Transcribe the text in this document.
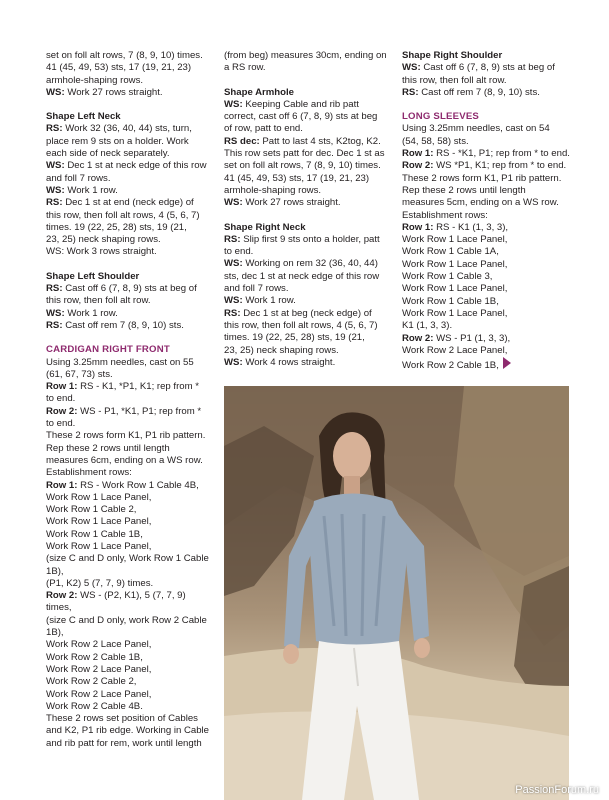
set on foll alt rows, 7 (8, 9, 10) times.

41 (45, 49, 53) sts, 17 (19, 21, 23)

armhole-shaping rows.

WS: Work 27 rows straight.

Shape Left Neck

RS: Work 32 (36, 40, 44) sts, turn,

place rem 9 sts on a holder. Work

each side of neck separately.

WS: Dec 1 st at neck edge of this row

and foll 7 rows.

WS: Work 1 row.

RS: Dec 1 st at end (neck edge) of

this row, then foll alt rows, 4 (5, 6, 7)

times. 19 (22, 25, 28) sts, 19 (21,

23, 25) neck shaping rows.

WS: Work 3 rows straight.

Shape Left Shoulder

RS: Cast off 6 (7, 8, 9) sts at beg of

this row, then foll alt row.

WS: Work 1 row.

RS: Cast off rem 7 (8, 9, 10) sts.

CARDIGAN RIGHT FRONT

Using 3.25mm needles, cast on 55

(61, 67, 73) sts.

Row 1: RS - K1, *P1, K1; rep from *

to end.

Row 2: WS - P1, *K1, P1; rep from *

to end.

These 2 rows form K1, P1 rib pattern.

Rep these 2 rows until length

measures 6cm, ending on a WS row.

Establishment rows:

Row 1: RS - Work Row 1 Cable 4B,

Work Row 1 Lace Panel,

Work Row 1 Cable 2,

Work Row 1 Lace Panel,

Work Row 1 Cable 1B,

Work Row 1 Lace Panel,

(size C and D only, Work Row 1 Cable

1B),

(P1, K2) 5 (7, 7, 9) times.

Row 2: WS - (P2, K1), 5 (7, 7, 9)

times,

(size C and D only, work Row 2 Cable

1B),

Work Row 2 Lace Panel,

Work Row 2 Cable 1B,

Work Row 2 Lace Panel,

Work Row 2 Cable 2,

Work Row 2 Lace Panel,

Work Row 2 Cable 4B.

These 2 rows set position of Cables

and K2, P1 rib edge. Working in Cable

and rib patt for rem, work until length

(from beg) measures 30cm, ending on

a RS row.

Shape Armhole

WS: Keeping Cable and rib patt

correct, cast off 6 (7, 8, 9) sts at beg

of row, patt to end.

RS dec: Patt to last 4 sts, K2tog, K2.

This row sets patt for dec. Dec 1 st as

set on foll alt rows, 7 (8, 9, 10) times.

41 (45, 49, 53) sts, 17 (19, 21, 23)

armhole-shaping rows.

WS: Work 27 rows straight.

Shape Right Neck

RS: Slip first 9 sts onto a holder, patt

to end.

WS: Working on rem 32 (36, 40, 44)

sts, dec 1 st at neck edge of this row

and foll 7 rows.

WS: Work 1 row.

RS: Dec 1 st at beg (neck edge) of

this row, then foll alt rows, 4 (5, 6, 7)

times. 19 (22, 25, 28) sts, 19 (21,

23, 25) neck shaping rows.

WS: Work 4 rows straight.

Shape Right Shoulder

WS: Cast off 6 (7, 8, 9) sts at beg of

this row, then foll alt row.

RS: Cast off rem 7 (8, 9, 10) sts.

LONG SLEEVES

Using 3.25mm needles, cast on 54

(54, 58, 58) sts.

Row 1: RS - *K1, P1; rep from * to end.

Row 2: WS *P1, K1; rep from * to end.

These 2 rows form K1, P1 rib pattern.

Rep these 2 rows until length

measures 5cm, ending on a WS row.

Establishment rows:

Row 1: RS - K1 (1, 3, 3),

Work Row 1 Lace Panel,

Work Row 1 Cable 1A,

Work Row 1 Lace Panel,

Work Row 1 Cable 3,

Work Row 1 Lace Panel,

Work Row 1 Cable 1B,

Work Row 1 Lace Panel,

K1 (1, 3, 3).

Row 2: WS - P1 (1, 3, 3),

Work Row 2 Lace Panel,

Work Row 2 Cable 1B,

PassionForum.ru
